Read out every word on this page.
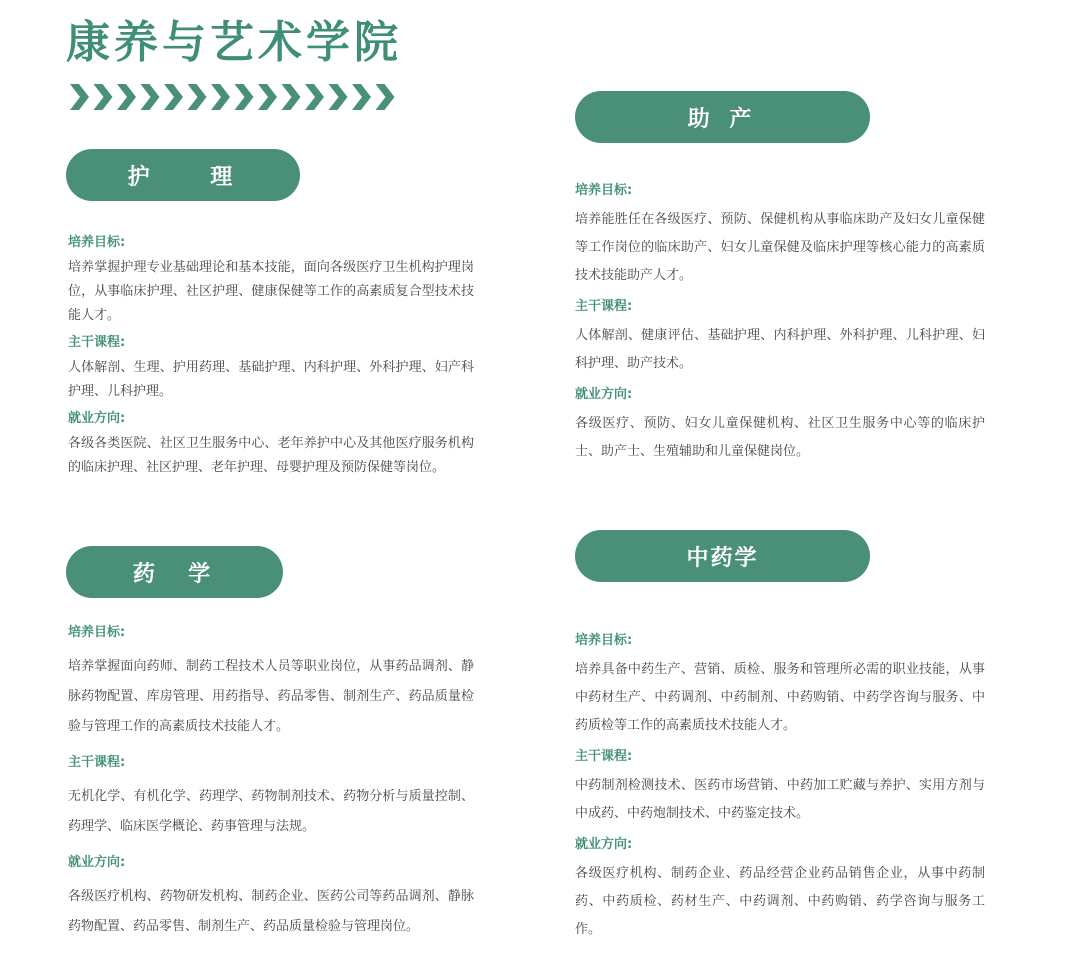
康养与艺术学院
护    理
培养目标:
培养掌握护理专业基础理论和基本技能，面向各级医疗卫生机构护理岗位，从事临床护理、社区护理、健康保健等工作的高素质复合型技术技能人才。
主干课程:
人体解剖、生理、护用药理、基础护理、内科护理、外科护理、妇产科护理、儿科护理。
就业方向:
各级各类医院、社区卫生服务中心、老年养护中心及其他医疗服务机构的临床护理、社区护理、老年护理、母婴护理及预防保健等岗位。
助 产
培养目标:
培养能胜任在各级医疗、预防、保健机构从事临床助产及妇女儿童保健等工作岗位的临床助产、妇女儿童保健及临床护理等核心能力的高素质技术技能助产人才。
主干课程:
人体解剖、健康评估、基础护理、内科护理、外科护理、儿科护理、妇科护理、助产技术。
就业方向:
各级医疗、预防、妇女儿童保健机构、社区卫生服务中心等的临床护士、助产士、生殖辅助和儿童保健岗位。
药  学
培养目标:
培养掌握面向药师、制药工程技术人员等职业岗位，从事药品调剂、静脉药物配置、库房管理、用药指导、药品零售、制剂生产、药品质量检验与管理工作的高素质技术技能人才。
主干课程:
无机化学、有机化学、药理学、药物制剂技术、药物分析与质量控制、药理学、临床医学概论、药事管理与法规。
就业方向:
各级医疗机构、药物研发机构、制药企业、医药公司等药品调剂、静脉药物配置、药品零售、制剂生产、药品质量检验与管理岗位。
中药学
培养目标:
培养具备中药生产、营销、质检、服务和管理所必需的职业技能，从事中药材生产、中药调剂、中药制剂、中药购销、中药学咨询与服务、中药质检等工作的高素质技术技能人才。
主干课程:
中药制剂检测技术、医药市场营销、中药加工贮藏与养护、实用方剂与中成药、中药炮制技术、中药鉴定技术。
就业方向:
各级医疗机构、制药企业、药品经营企业药品销售企业，从事中药制药、中药质检、药材生产、中药调剂、中药购销、药学咨询与服务工作。
